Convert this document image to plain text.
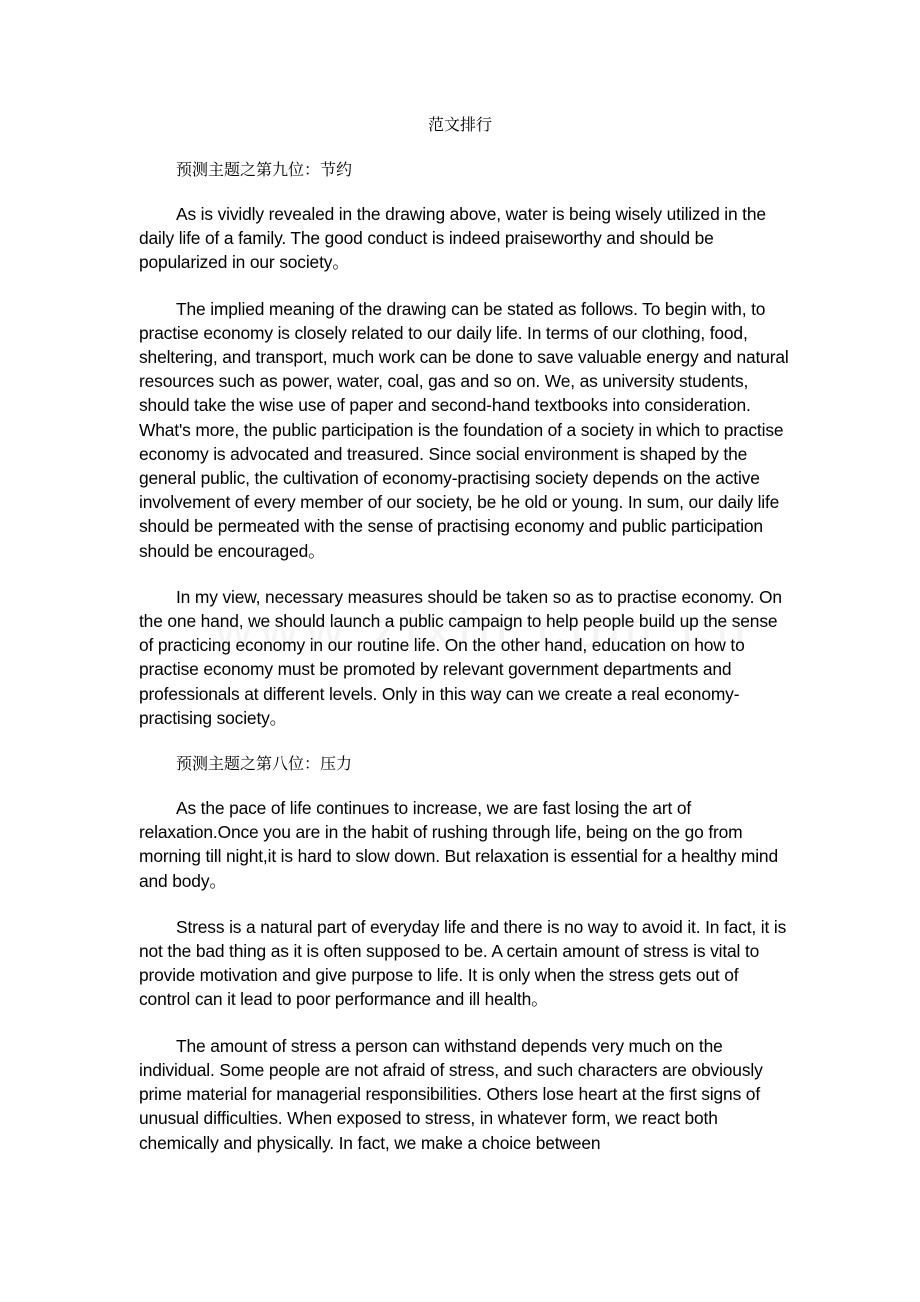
范文排行
预测主题之第九位：节约

As is vividly revealed in the drawing above, water is being wisely utilized in the daily life of a family. The good conduct is indeed praiseworthy and should be popularized in our society。

The implied meaning of the drawing can be stated as follows. To begin with, to practise economy is closely related to our daily life. In terms of our clothing, food, sheltering, and transport, much work can be done to save valuable energy and natural resources such as power, water, coal, gas and so on. We, as university students, should take the wise use of paper and second-hand textbooks into consideration. What's more, the public participation is the foundation of a society in which to practise economy is advocated and treasured. Since social environment is shaped by the general public, the cultivation of economy-practising society depends on the active involvement of every member of our society, be he old or young. In sum, our daily life should be permeated with the sense of practising economy and public participation should be encouraged。

In my view, necessary measures should be taken so as to practise economy. On the one hand, we should launch a public campaign to help people build up the sense of practicing economy in our routine life. On the other hand, education on how to practise economy must be promoted by relevant government departments and professionals at different levels. Only in this way can we create a real economy-practising society。

预测主题之第八位：压力

As the pace of life continues to increase, we are fast losing the art of relaxation.Once you are in the habit of rushing through life, being on the go from morning till night,it is hard to slow down. But relaxation is essential for a healthy mind and body。

Stress is a natural part of everyday life and there is no way to avoid it. In fact, it is not the bad thing as it is often supposed to be. A certain amount of stress is vital to provide motivation and give purpose to life. It is only when the stress gets out of control can it lead to poor performance and ill health。

The amount of stress a person can withstand depends very much on the individual. Some people are not afraid of stress, and such characters are obviously prime material for managerial responsibilities. Others lose heart at the first signs of unusual difficulties. When exposed to stress, in whatever form, we react both chemically and physically. In fact, we make a choice between
